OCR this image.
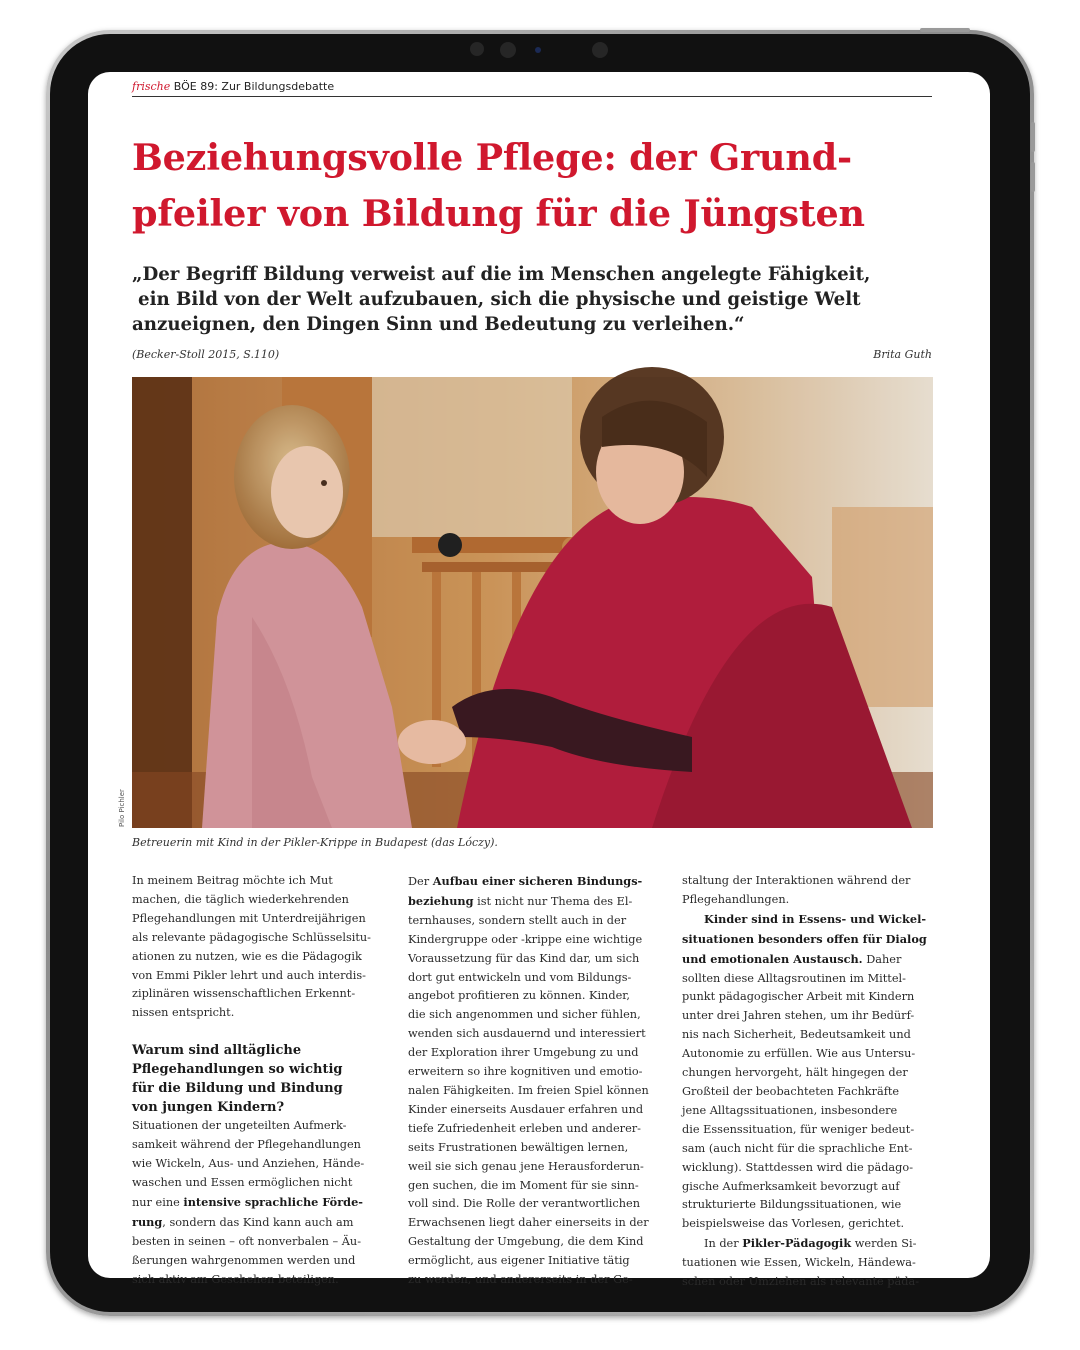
frische BÖE 89: Zur Bildungsdebatte
Beziehungsvolle Pflege: der Grund-
pfeiler von Bildung für die Jüngsten
„Der Begriff Bildung verweist auf die im Menschen angelegte Fähigkeit,
ein Bild von der Welt aufzubauen, sich die physische und geistige Welt
anzueignen, den Dingen Sinn und Bedeutung zu verleihen.“
(Becker-Stoll 2015, S.110)	Brita Guth
Pilo Pichler
Betreuerin mit Kind in der Pikler-Krippe in Budapest (das Lóczy).

In meinem Beitrag möchte ich Mut
machen, die täglich wiederkehrenden
Pflegehandlungen mit Unterdreijährigen
als relevante pädagogische Schlüsselsitu-
ationen zu nutzen, wie es die Pädagogik
von Emmi Pikler lehrt und auch interdis-
ziplinären wissenschaftlichen Erkennt-
nissen entspricht.

Warum sind alltägliche
Pflegehandlungen so wichtig
für die Bildung und Bindung
von jungen Kindern?

Situationen der ungeteilten Aufmerk-
samkeit während der Pflegehandlungen
wie Wickeln, Aus- und Anziehen, Hände-
waschen und Essen ermöglichen nicht
nur eine intensive sprachliche Förde-
rung, sondern das Kind kann auch am
besten in seinen – oft nonverbalen – Äu-
ßerungen wahrgenommen werden und
sich aktiv am Geschehen beteiligen.

Der Aufbau einer sicheren Bindungs-
beziehung ist nicht nur Thema des El-
ternhauses, sondern stellt auch in der
Kindergruppe oder -krippe eine wichtige
Voraussetzung für das Kind dar, um sich
dort gut entwickeln und vom Bildungs-
angebot profitieren zu können. Kinder,
die sich angenommen und sicher fühlen,
wenden sich ausdauernd und interessiert
der Exploration ihrer Umgebung zu und
erweitern so ihre kognitiven und emotio-
nalen Fähigkeiten. Im freien Spiel können
Kinder einerseits Ausdauer erfahren und
tiefe Zufriedenheit erleben und anderer-
seits Frustrationen bewältigen lernen,
weil sie sich genau jene Herausforderun-
gen suchen, die im Moment für sie sinn-
voll sind. Die Rolle der verantwortlichen
Erwachsenen liegt daher einerseits in der
Gestaltung der Umgebung, die dem Kind
ermöglicht, aus eigener Initiative tätig
zu werden, und andererseits in der Ge-

staltung der Interaktionen während der
Pflegehandlungen.

Kinder sind in Essens- und Wickel-
situationen besonders offen für Dialog
und emotionalen Austausch. Daher
sollten diese Alltagsroutinen im Mittel-
punkt pädagogischer Arbeit mit Kindern
unter drei Jahren stehen, um ihr Bedürf-
nis nach Sicherheit, Bedeutsamkeit und
Autonomie zu erfüllen. Wie aus Untersu-
chungen hervorgeht, hält hingegen der
Großteil der beobachteten Fachkräfte
jene Alltagssituationen, insbesondere
die Essenssituation, für weniger bedeut-
sam (auch nicht für die sprachliche Ent-
wicklung). Stattdessen wird die pädago-
gische Aufmerksamkeit bevorzugt auf
strukturierte Bildungssituationen, wie
beispielsweise das Vorlesen, gerichtet.

In der Pikler-Pädagogik werden Si-
tuationen wie Essen, Wickeln, Händewa-
schen oder Umziehen als relevante päda-
